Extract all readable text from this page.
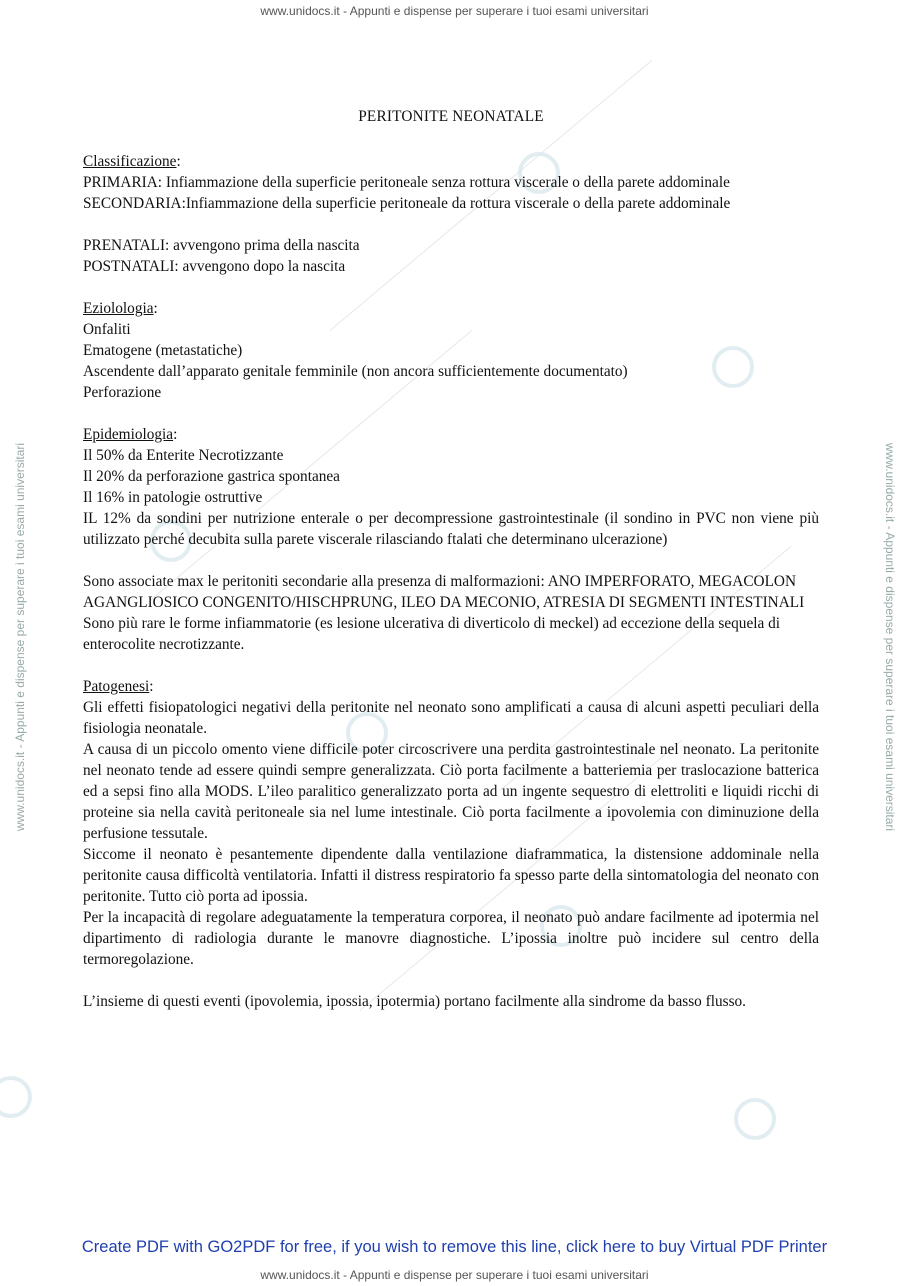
www.unidocs.it - Appunti e dispense per superare i tuoi esami universitari
www.unidocs.it - Appunti e dispense per superare i tuoi esami universitari
www.unidocs.it - Appunti e dispense per superare i tuoi esami universitari	www.unidocs.it - Appunti e dispense per superare i tuoi esami universitari
PERITONITE NEONATALE

Classificazione:

PRIMARIA: Infiammazione della superficie peritoneale senza rottura viscerale o della parete addominale

SECONDARIA:Infiammazione della superficie peritoneale da rottura viscerale o della parete addominale

PRENATALI: avvengono prima della nascita

POSTNATALI: avvengono dopo la nascita

Eziolologia:

Onfaliti

Ematogene (metastatiche)

Ascendente dall’apparato genitale femminile (non ancora sufficientemente documentato)

Perforazione

Epidemiologia:

Il 50% da Enterite Necrotizzante

Il 20% da perforazione gastrica spontanea

Il 16% in patologie ostruttive

IL 12% da sondini per nutrizione enterale o per decompressione gastrointestinale (il sondino in PVC non viene più utilizzato perché decubita sulla parete viscerale rilasciando ftalati che determinano ulcerazione)

Sono associate max le peritoniti secondarie alla presenza di malformazioni: ANO IMPERFORATO, MEGACOLON AGANGLIOSICO CONGENITO/HISCHPRUNG, ILEO DA MECONIO, ATRESIA DI SEGMENTI INTESTINALI

Sono più rare le forme infiammatorie (es lesione ulcerativa di diverticolo di meckel) ad eccezione della sequela di enterocolite necrotizzante.

Patogenesi:

Gli effetti fisiopatologici negativi della peritonite nel neonato sono amplificati a causa di alcuni aspetti peculiari della fisiologia neonatale.

A causa di un piccolo omento viene difficile poter circoscrivere una perdita gastrointestinale nel neonato. La peritonite nel neonato tende ad essere quindi sempre generalizzata. Ciò porta facilmente a batteriemia per traslocazione batterica ed a sepsi fino alla MODS. L’ileo paralitico generalizzato porta ad un ingente sequestro di elettroliti e liquidi ricchi di proteine sia nella cavità peritoneale sia nel lume intestinale. Ciò porta facilmente a ipovolemia con diminuzione della perfusione tessutale.

Siccome il neonato è pesantemente dipendente dalla ventilazione diaframmatica, la distensione addominale nella peritonite causa difficoltà ventilatoria. Infatti il distress respiratorio fa spesso parte della sintomatologia del neonato con peritonite. Tutto ciò porta ad ipossia.

Per la incapacità di regolare adeguatamente la temperatura corporea, il neonato può andare facilmente ad ipotermia nel dipartimento di radiologia durante le manovre diagnostiche. L’ipossia inoltre può incidere sul centro della termoregolazione.

L’insieme di questi eventi (ipovolemia, ipossia, ipotermia) portano facilmente alla sindrome da basso flusso.

Create PDF with GO2PDF for free, if you wish to remove this line, click here to buy Virtual PDF Printer
